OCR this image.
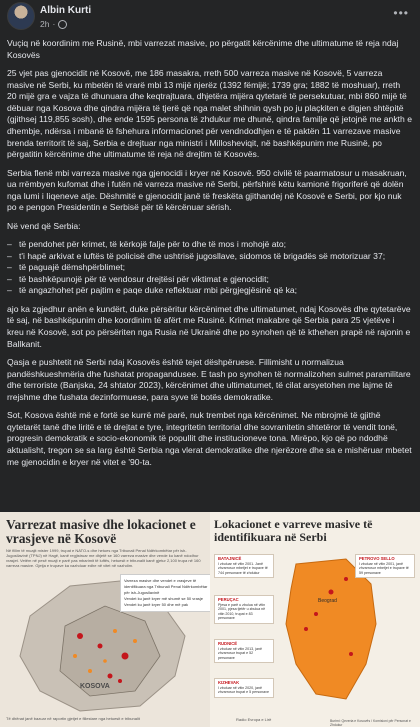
Albin Kurti
2h ·
•••

Vuçiq në koordinim me Rusinë, mbi varrezat masive, po përgatit kërcënime dhe ultimatume të reja ndaj Kosovës

25 vjet pas gjenocidit në Kosovë, me 186 masakra, rreth 500 varreza masive në Kosovë, 5 varreza masive në Serbi, ku mbetën të vrarë mbi 13 mijë njerëz (1392 fëmijë; 1739 gra; 1882 të moshuar), rreth 20 mijë gra e vajza të dhunuara dhe keqtrajtuara, dhjetëra mijëra qytetarë të persekutuar, mbi 860 mijë të dëbuar nga Kosova dhe qindra mijëra të tjerë që nga malet shihnin qysh po ju plaçkiten e digjen shtëpitë (gjithsej 119,855 sosh), dhe ende 1595 persona të zhdukur me dhunë, qindra familje që jetojnë me ankth e dhembje, ndërsa i mbanë të fshehura informacionet për vendndodhjen e të paktën 11 varrezave masive brenda territorit të saj, Serbia e drejtuar nga ministri i Millosheviqit, në bashkëpunim me Rusinë, po përgatitin kërcënime dhe ultimatume të reja në drejtim të Kosovës.

Serbia flenë mbi varreza masive nga gjenocidi i kryer në Kosovë. 950 civilë të paarmatosur u masakruan, ua rrëmbyen kufomat dhe i futën në varreza masive në Serbi, përfshirë këtu kamionë frigoriferë që dolën nga lumi i Iiqeneve atje. Dëshmitë e gjenocidit janë të freskëta gjithandej në Kosovë e Serbi, por kjo nuk po e pengon Presidentin e Serbisë për të kërcënuar sërish.

Në vend që Serbia:

– të pendohet për krimet, të kërkojë falje për to dhe të mos i mohojë ato;
– t'i hapë arkivat e luftës të policisë dhe ushtrisë jugosllave, sidomos të brigadës së motorizuar 37;
– të paguajë dëmshpërblimet;
– të bashkëpunojë për të vendosur drejtësi për viktimat e gjenocidit;
– të angazhohet për pajtim e paqe duke reflektuar mbi përgjegjësinë që ka;

ajo ka zgjedhur anën e kundërt, duke përsëritur kërcënimet dhe ultimatumet, ndaj Kosovës dhe qytetarëve të saj, në bashkëpunim dhe koordinim të afërt me Rusinë. Krimet makabre që Serbia para 25 vjetëve i kreu në Kosovë, sot po përsëriten nga Rusia në Ukrainë dhe po synohen që të kthehen prapë në rajonin e Ballkanit.

Qasja e pushtetit në Serbi ndaj Kosovës është tejet dëshpëruese. Fillimisht u normalizua pandëshkueshmëria dhe fushatat propagandusee. E tash po synohen të normalizohen sulmet paramilitare dhe terroriste (Banjska, 24 shtator 2023), kërcënimet dhe ultimatumet, të cilat arsyetohen me lajme të rrejshme dhe fushata dezinformuese, para syve të botës demokratike.

Sot, Kosova është më e fortë se kurrë më parë, nuk trembet nga kërcënimet. Ne mbrojmë të gjithë qytetarët tanë dhe liritë e të drejtat e tyre, integritetin territorial dhe sovranitetin shtetëror të vendit tonë, progresin demokratik e socio-ekonomik të popullit dhe institucioneve tona. Mirëpo, kjo që po ndodhë aktualisht, tregon se sa larg është Serbia nga vlerat demokratike dhe njerëzore dhe sa e mishëruar mbetet me gjenocidin e kryer në vitet e '90-ta.

Varrezat masive dhe lokacionet e vrasjeve në Kosovë
Në fillim të muajit mister 1999, trupat e NATO-s dhe hetues nga Tribunali Penal Ndërkombëtar për ish-Jugosllavinë (TPNJ) në Hagë, kanë regjistruar me dhjetë se 160 varreza masive dhe vende ku kanë ndodhur vrasjet. Vetëm në pesë muajt e parë pas mbarimit të luftës, hetuesit e tribunalit kanë gjetur 2,100 trupa në 160 varreza masive. Gjetja e trupave ka vazhduar edhe në vitet në vazhdim.
KOSOVA
Varreza masive dhe vendet e vrasjeve të identifikuara nga Tribunali Penal Ndërkombëtar për ish-Jugosllavinë
Vendet ku janë kryer më shumë se 50 vrasje
Vendet ku janë kryer 50 dhe më pak
Të dhënat janë bazuar në raportin gjetjet e fillestare nga hetuesit e tribunalit
Lokacionet e varreve masive të identifikuara në Serbi
Beograd
BATAJNICË
I zbuluar në vitin 2001. Janë zhvarrosur mbetjet e trupave të 744 personave të zhdukur
PERUÇAC
Pjesa e parë u zbulua në vitin 2001, pjesa tjetër u zbulua në vitin 2010, trupat e 83 personave
RUDNICË
I zbuluar në vitin 2013, janë zhvarrosur trupat e 52 personave
KIZHEVAK
I zbuluar në vitin 2020, janë zhvarrosur trupat e 5 personave
PETROVO SELLO
I zbuluar në vitin 2001, janë zhvarrosur mbetjet e trupave të 59 personave
Radio Evropa e Lirë	Burimi: Qeveria e Kosovës / Komisioni për Personat e Zhdukur
